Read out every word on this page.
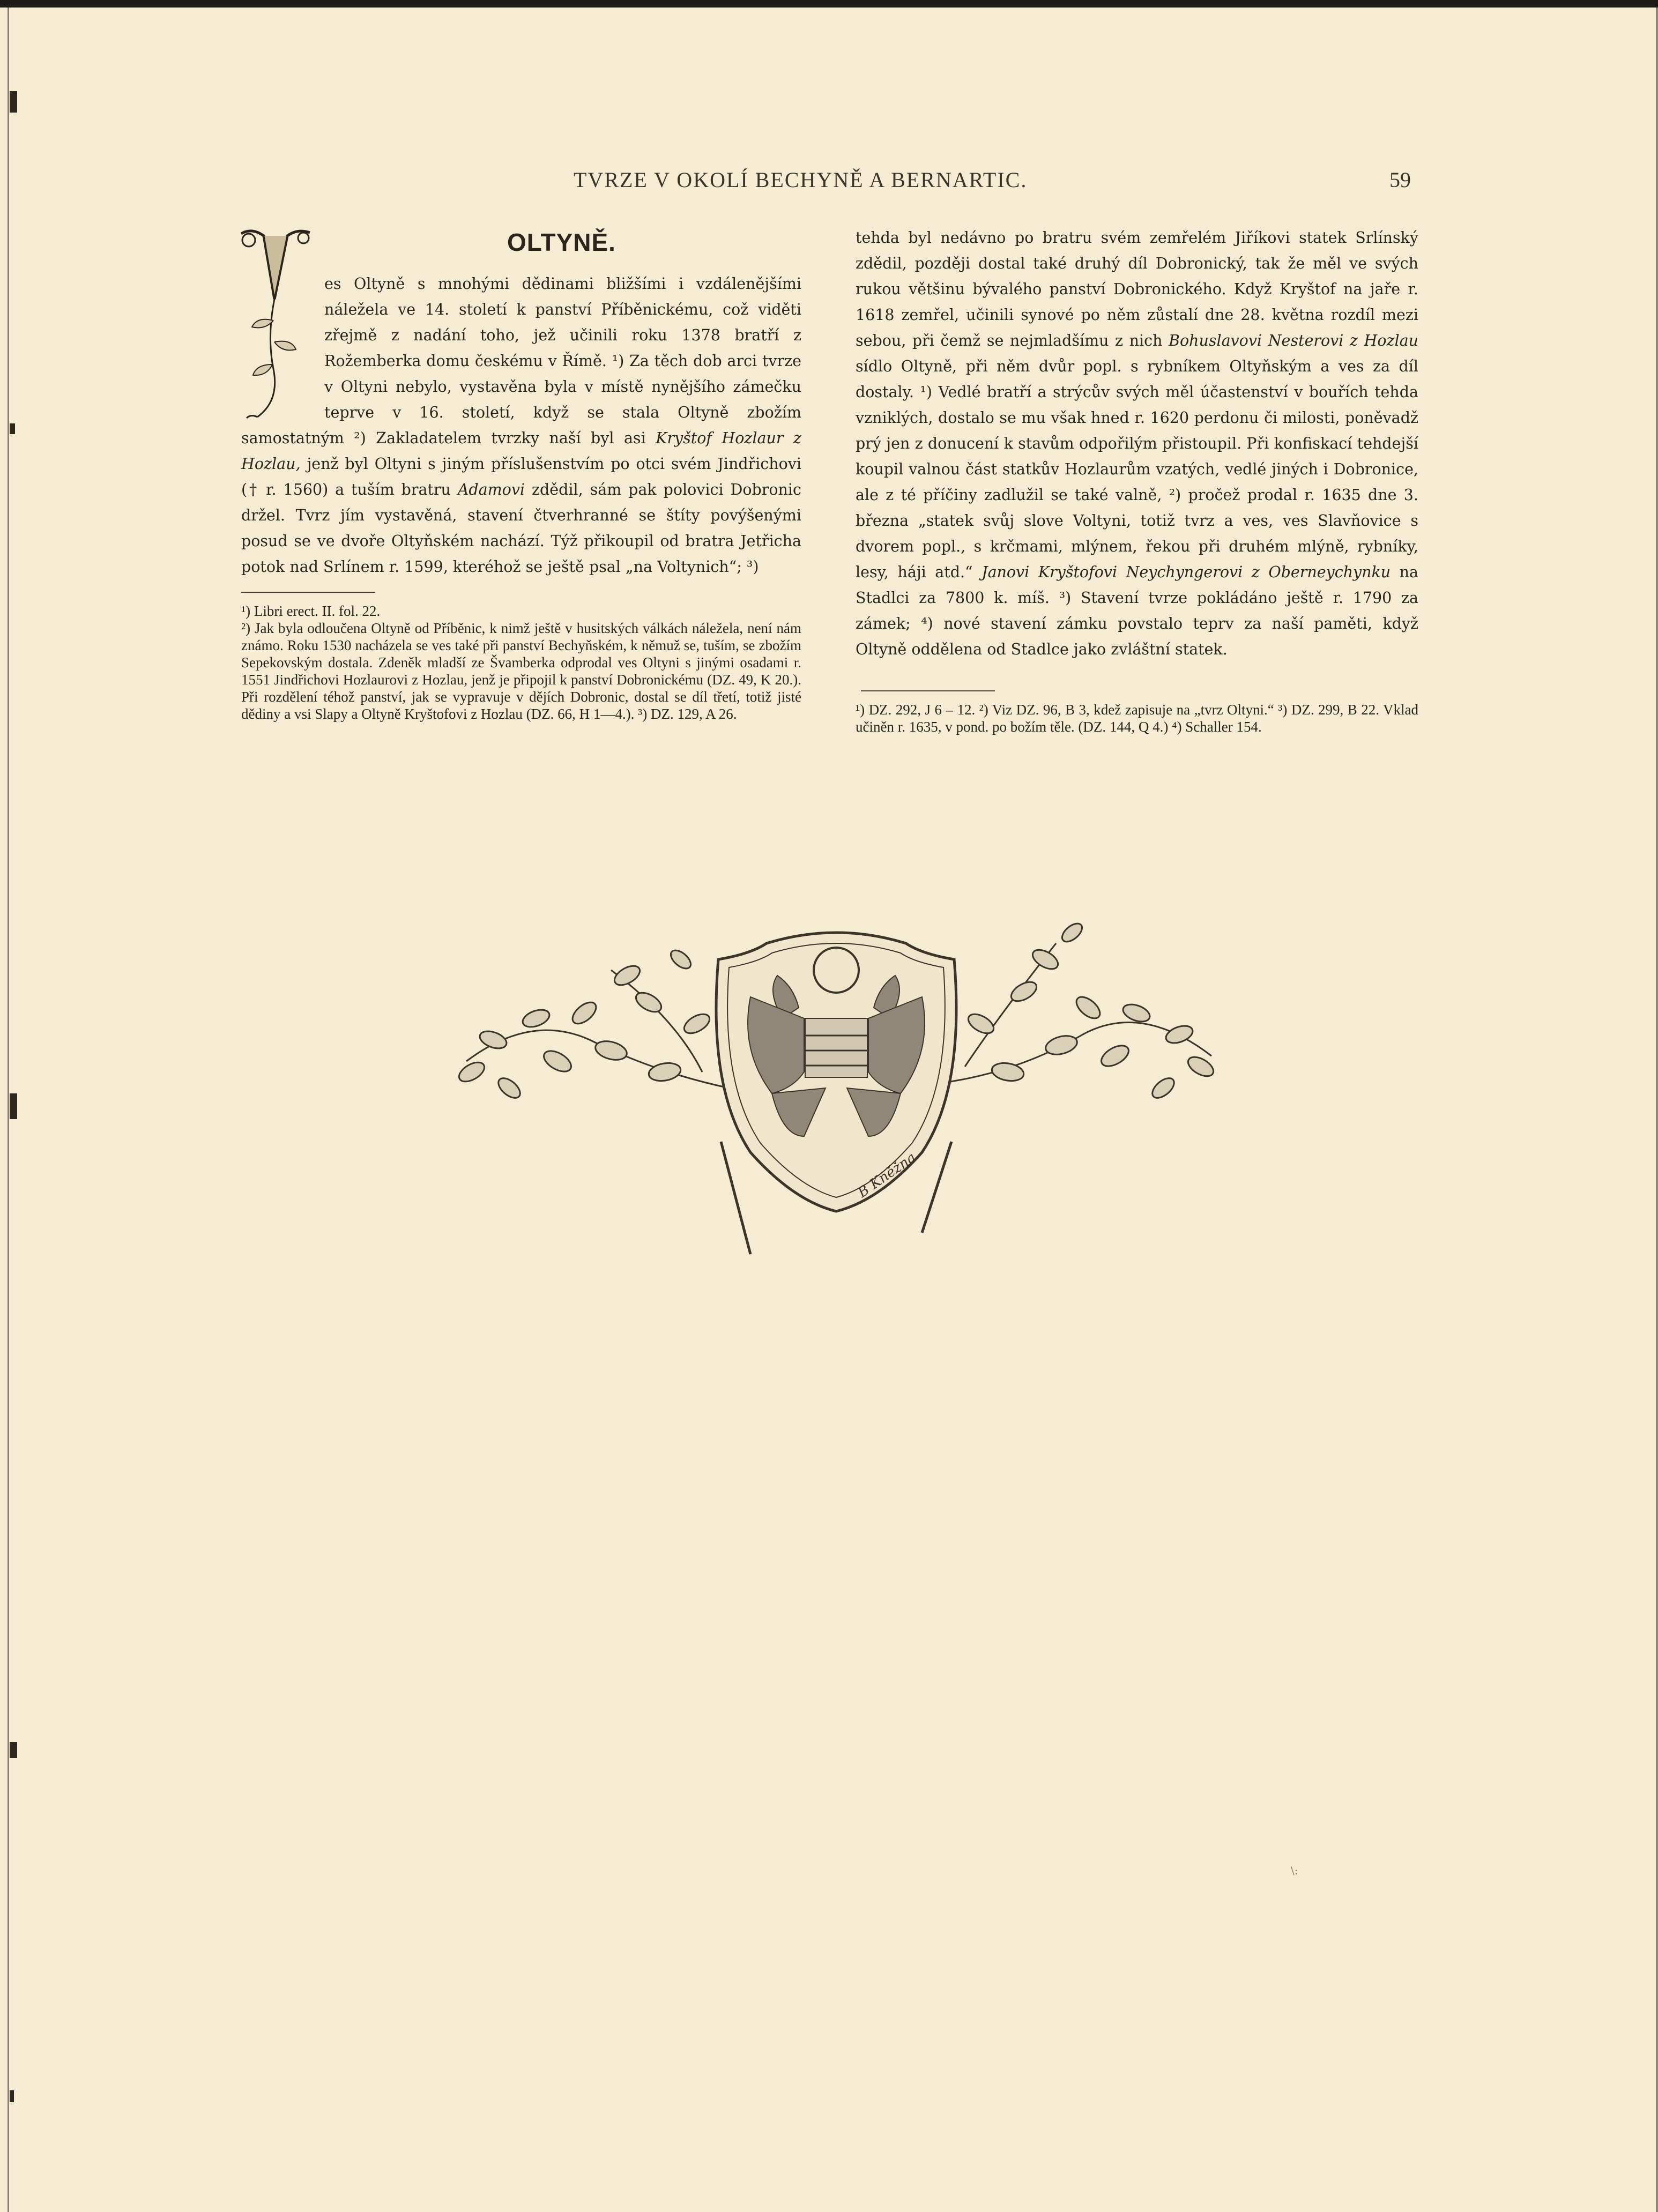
TVRZE V OKOLÍ BECHYNĚ A BERNARTIC.	59
OLTYNĚ.

es Oltyně s mnohými dědinami bližšími i vzdálenějšími náležela ve 14. století k panství Příběnickému, což viděti zřejmě z nadání toho, jež učinili roku 1378 bratří z Rožemberka domu českému v Římě. ¹) Za těch dob arci tvrze v Oltyni nebylo, vystavěna byla v místě nynějšího zámečku teprve v 16. století, když se stala Oltyně zbožím samostatným ²) Zakladatelem tvrzky naší byl asi Kryštof Hozlaur z Hozlau, jenž byl Oltyni s jiným příslušenstvím po otci svém Jindřichovi († r. 1560) a tuším bratru Adamovi zdědil, sám pak polovici Dobronic držel. Tvrz jím vystavěná, stavení čtverhranné se štíty povýšenými posud se ve dvoře Oltyňském nachází. Týž přikoupil od bratra Jetřicha potok nad Srlínem r. 1599, kteréhož se ještě psal „na Voltynich“; ³)

¹) Libri erect. II. fol. 22.

²) Jak byla odloučena Oltyně od Příběnic, k nimž ještě v husitských válkách náležela, není nám známo. Roku 1530 nacházela se ves také při panství Bechyňském, k němuž se, tuším, se zbožím Sepekovským dostala. Zdeněk mladší ze Švamberka odprodal ves Oltyni s jinými osadami r. 1551 Jindřichovi Hozlaurovi z Hozlau, jenž je připojil k panství Dobronickému (DZ. 49, K 20.). Při rozdělení téhož panství, jak se vypravuje v dějích Dobronic, dostal se díl třetí, totiž jisté dědiny a vsi Slapy a Oltyně Kryštofovi z Hozlau (DZ. 66, H 1—4.). ³) DZ. 129, A 26.

tehda byl nedávno po bratru svém zemřelém Jiříkovi statek Srlínský zdědil, později dostal také druhý díl Dobronický, tak že měl ve svých rukou většinu bývalého panství Dobronického. Když Kryštof na jaře r. 1618 zemřel, učinili synové po něm zůstalí dne 28. května rozdíl mezi sebou, při čemž se nejmladšímu z nich Bohuslavovi Nesterovi z Hozlau sídlo Oltyně, při něm dvůr popl. s rybníkem Oltyňským a ves za díl dostaly. ¹) Vedlé bratří a strýcův svých měl účastenství v bouřích tehda vzniklých, dostalo se mu však hned r. 1620 perdonu či milosti, poněvadž prý jen z donucení k stavům odpořilým přistoupil. Při konfiskací tehdejší koupil valnou část statkův Hozlaurům vzatých, vedlé jiných i Dobronice, ale z té příčiny zadlužil se také valně, ²) pročež prodal r. 1635 dne 3. března „statek svůj slove Voltyni, totiž tvrz a ves, ves Slavňovice s dvorem popl., s krčmami, mlýnem, řekou při druhém mlýně, rybníky, lesy, háji atd.“ Janovi Kryštofovi Neychyngerovi z Oberneychynku na Stadlci za 7800 k. míš. ³) Stavení tvrze pokládáno ještě r. 1790 za zámek; ⁴) nové stavení zámku povstalo teprv za naší paměti, když Oltyně oddělena od Stadlce jako zvláštní statek.

¹) DZ. 292, J 6 – 12. ²) Viz DZ. 96, B 3, kdež zapisuje na „tvrz Oltyni.“ ³) DZ. 299, B 22. Vklad učiněn r. 1635, v pond. po božím těle. (DZ. 144, Q 4.) ⁴) Schaller 154.

B Kněžna
\:
